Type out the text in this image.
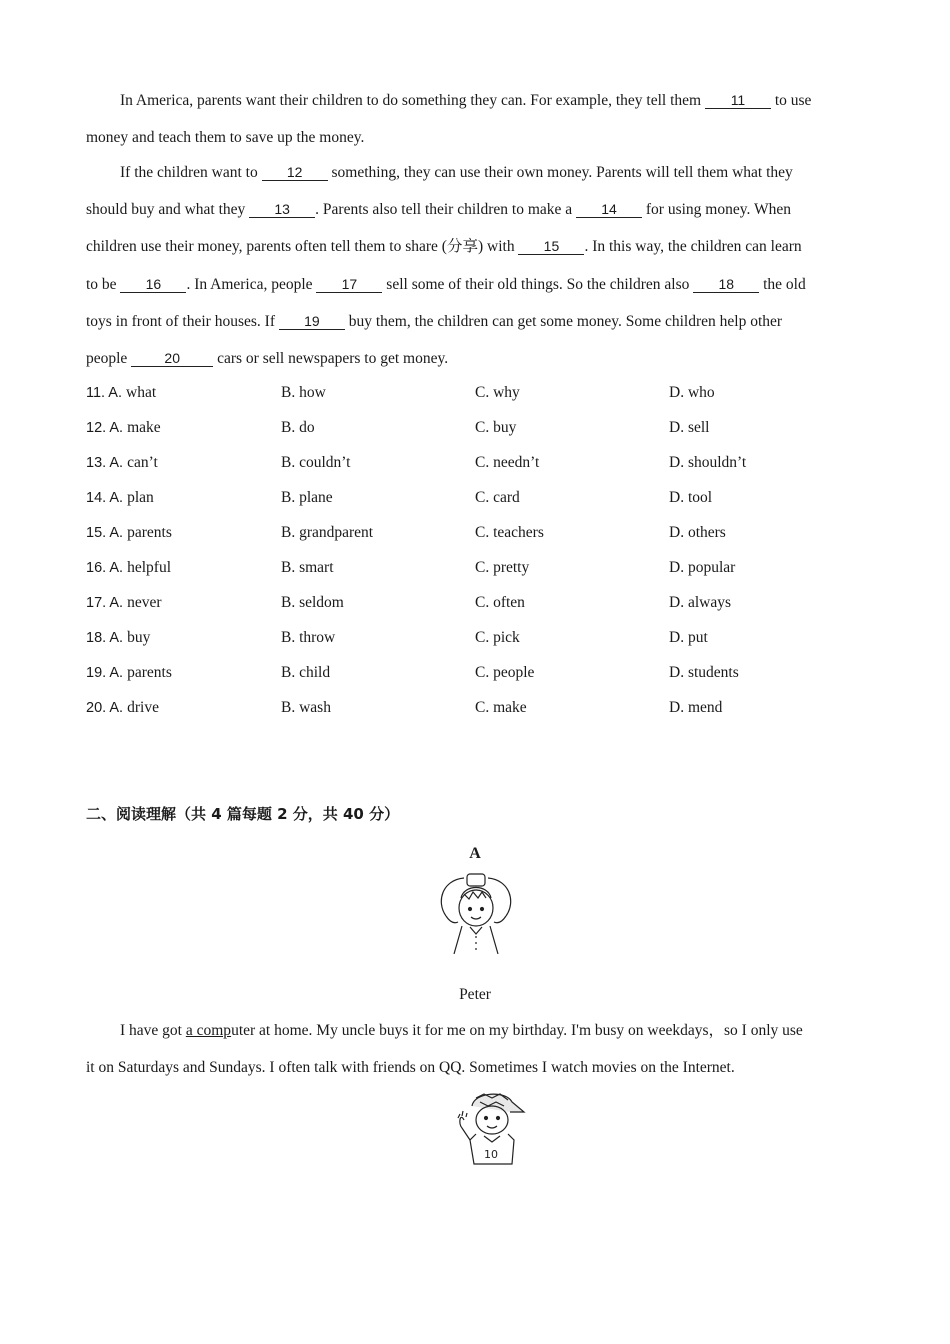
In America, parents want their children to do something they can. For example, they tell them 11 to use
money and teach them to save up the money.
If the children want to 12 something, they can use their own money. Parents will tell them what they
should buy and what they 13 . Parents also tell their children to make a 14 for using money. When
children use their money, parents often tell them to share (分享) with 15 . In this way, the children can learn
to be 16 . In America, people 17 sell some of their old things. So the children also 18 the old
toys in front of their houses. If 19 buy them, the children can get some money. Some children help other
people	20 cars or sell newspapers to get money.
11. A. what	B. how	C. why	D. who
12. A. make	B. do	C. buy	D. sell
13. A. can’t	B. couldn’t	C. needn’t	D. shouldn’t
14. A. plan	B. plane	C. card	D. tool
15. A. parents	B. grandparent	C. teachers	D. others
16. A. helpful	B. smart	C. pretty	D. popular
17. A. never	B. seldom	C. often	D. always
18. A. buy	B. throw	C. pick	D. put
19. A. parents	B. child	C. people	D. students
20. A. drive	B. wash	C. make	D. mend
二、阅读理解（共 4 篇每题 2 分，共 40 分）
A
Peter
I have got a computer at home. My uncle buys it for me on my birthday. I'm busy on weekdays，so I only use
it on Saturdays and Sundays. I often talk with friends on QQ. Sometimes I watch movies on the Internet.
10
